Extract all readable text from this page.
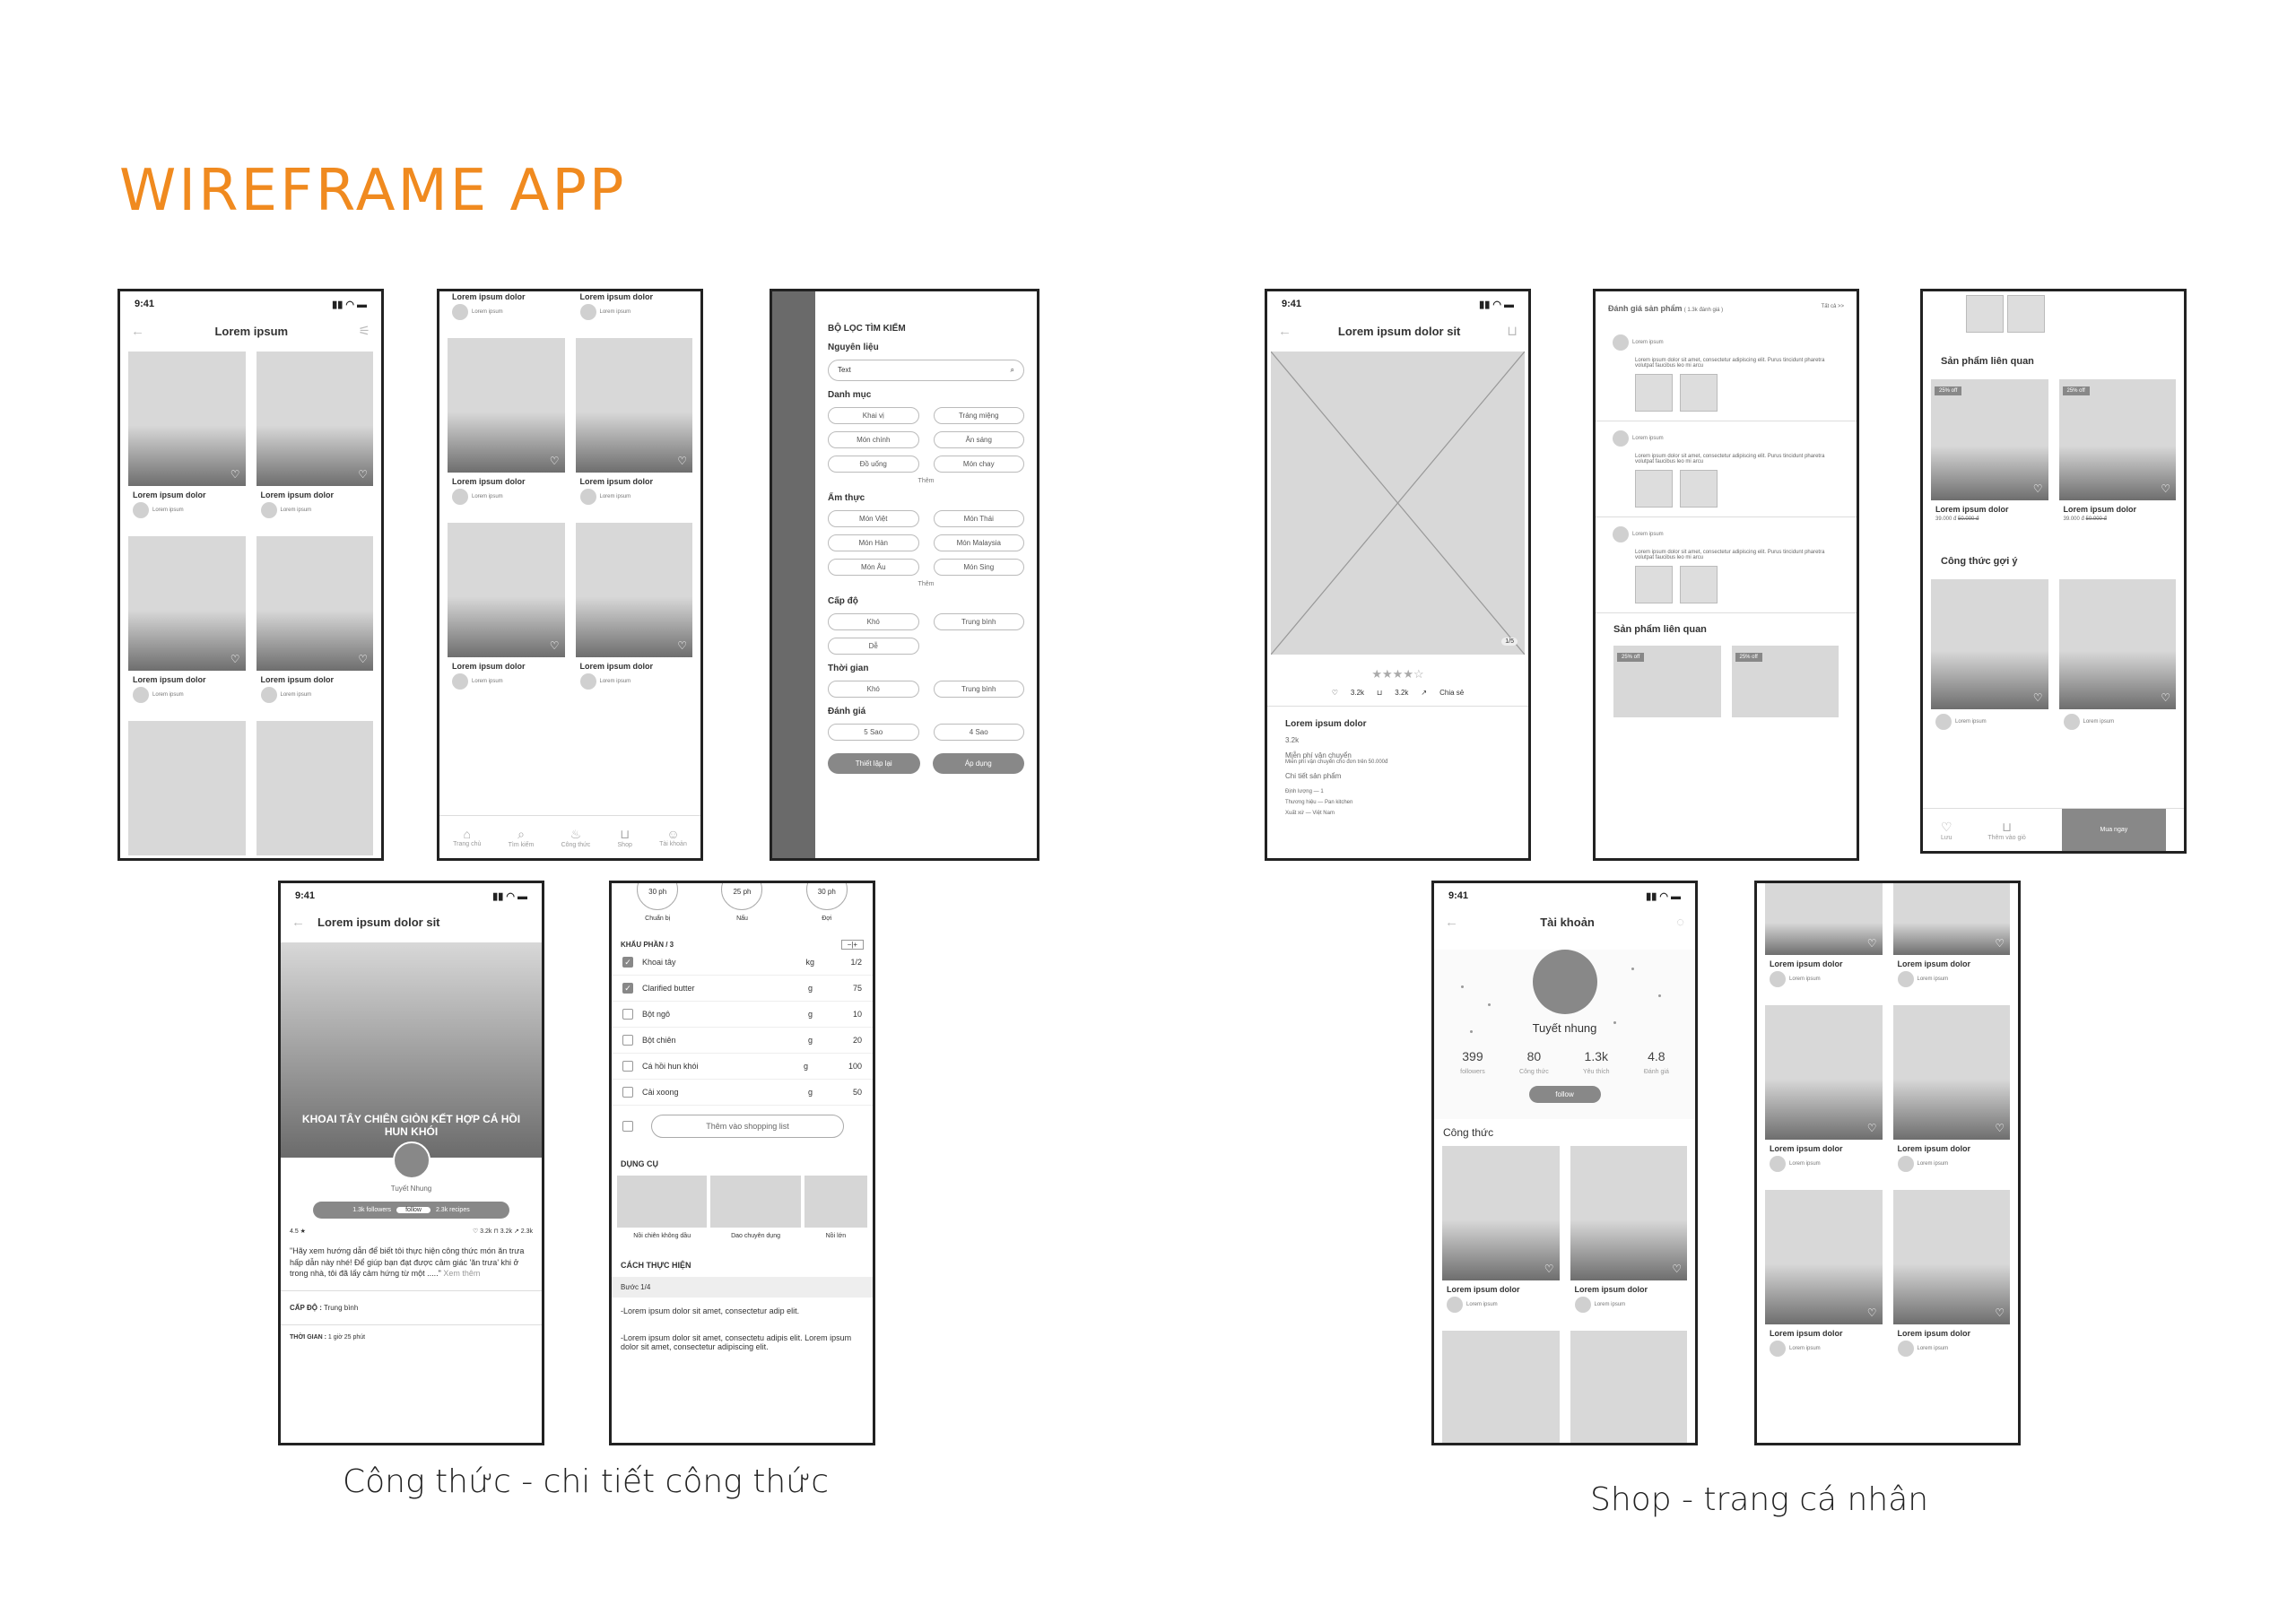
WIREFRAME APP
9:41	▮▮ ◠ ▬
←	Lorem ipsum	⚟
♡
Lorem ipsum dolor
Lorem ipsum
♡
Lorem ipsum dolor
Lorem ipsum
♡
Lorem ipsum dolor
Lorem ipsum
♡
Lorem ipsum dolor
Lorem ipsum
Lorem ipsum dolor
Lorem ipsum
Lorem ipsum dolor
Lorem ipsum
♡
Lorem ipsum dolor
Lorem ipsum
♡
Lorem ipsum dolor
Lorem ipsum
♡
Lorem ipsum dolor
Lorem ipsum
♡
Lorem ipsum dolor
Lorem ipsum
⌂
Trang chủ
⌕
Tìm kiếm
♨
Công thức
⊔
Shop
☺
Tài khoản
BỘ LỌC TÌM KIẾM
Nguyên liệu
Text	⌕
Danh mục
Khai vị	Tráng miệng
Món chính	Ăn sáng
Đồ uống	Món chay
Thêm
Ẩm thực
Món Việt	Món Thái
Món Hàn	Món Malaysia
Món Âu	Món Sing
Thêm
Cấp độ
Khó	Trung bình
Dễ
Thời gian
Khó	Trung bình
Đánh giá
5 Sao	4 Sao
Thiết lập lại	Áp dụng
9:41	▮▮ ◠ ▬
←	Lorem ipsum dolor sit	⊔
1/5
★★★★☆
♡ 3.2k ⊔ 3.2k ↗ Chia sẻ
Lorem ipsum dolor
3.2k
Miễn phí vận chuyển
Miễn phí vận chuyển cho đơn trên 50.000đ
Chi tiết sản phẩm
Định lượng — 1
Thương hiệu — Pan kitchen
Xuất xứ — Việt Nam
Đánh giá sản phẩm ( 1.3k đánh giá )
Tất cả >>
Lorem ipsum
Lorem ipsum dolor sit amet, consectetur adipiscing elit. Purus tincidunt pharetra volutpat faucibus leo mi arcu
Lorem ipsum
Lorem ipsum dolor sit amet, consectetur adipiscing elit. Purus tincidunt pharetra volutpat faucibus leo mi arcu
Lorem ipsum
Lorem ipsum dolor sit amet, consectetur adipiscing elit. Purus tincidunt pharetra volutpat faucibus leo mi arcu
Sản phẩm liên quan
25% off	25% off
Sản phẩm liên quan
25% off
♡
Lorem ipsum dolor
39.000 đ 50.000 đ
25% off
♡
Lorem ipsum dolor
39.000 đ 50.000 đ
Công thức gợi ý
♡
Lorem ipsum
♡
Lorem ipsum
♡
Lưu
⊔
Thêm vào giỏ
Mua ngay
9:41	▮▮ ◠ ▬
← Lorem ipsum dolor sit
KHOAI TÂY CHIÊN GIÒN KẾT HỢP CÁ HỒI HUN KHÓI
Tuyết Nhung
1.3k followers	follow	2.3k recipes
4.5 ★	♡ 3.2k ⊓ 3.2k ↗ 2.3k
"Hãy xem hướng dẫn để biết tôi thực hiện công thức món ăn trưa hấp dẫn này nhé! Để giúp bạn đạt được cảm giác 'ăn trưa' khi ở trong nhà, tôi đã lấy cảm hứng từ một ....." Xem thêm
CẤP ĐỘ : Trung bình
THỜI GIAN : 1 giờ 25 phút
30 ph
Chuẩn bị
25 ph
Nấu
30 ph
Đợi
KHẨU PHẦN / 3	−|+
✓ Khoai tây	kg	1/2
✓ Clarified butter	g	75
Bột ngô	g	10
Bột chiên	g	20
Cá hồi hun khói	g	100
Cải xoong	g	50
Thêm vào shopping list
DỤNG CỤ
Nồi chiên không dầu	Dao chuyên dụng	Nồi lớn
CÁCH THỰC HIỆN
Bước 1/4
-Lorem ipsum dolor sit amet, consectetur adip elit.
-Lorem ipsum dolor sit amet, consectetu adipis elit. Lorem ipsum dolor sit amet, consectetur adipiscing elit.
9:41	▮▮ ◠ ▬
←	Tài khoản	◌
Tuyết nhung
399
followers
80
Công thức
1.3k
Yêu thích
4.8
Đánh giá
follow
Công thức
♡
Lorem ipsum dolor
Lorem ipsum
♡
Lorem ipsum dolor
Lorem ipsum
♡
Lorem ipsum dolor
Lorem ipsum
♡
Lorem ipsum dolor
Lorem ipsum
♡
Lorem ipsum dolor
Lorem ipsum
♡
Lorem ipsum dolor
Lorem ipsum
♡
Lorem ipsum dolor
Lorem ipsum
♡
Lorem ipsum dolor
Lorem ipsum
Công thức - chi tiết công thức	Shop - trang cá nhân
